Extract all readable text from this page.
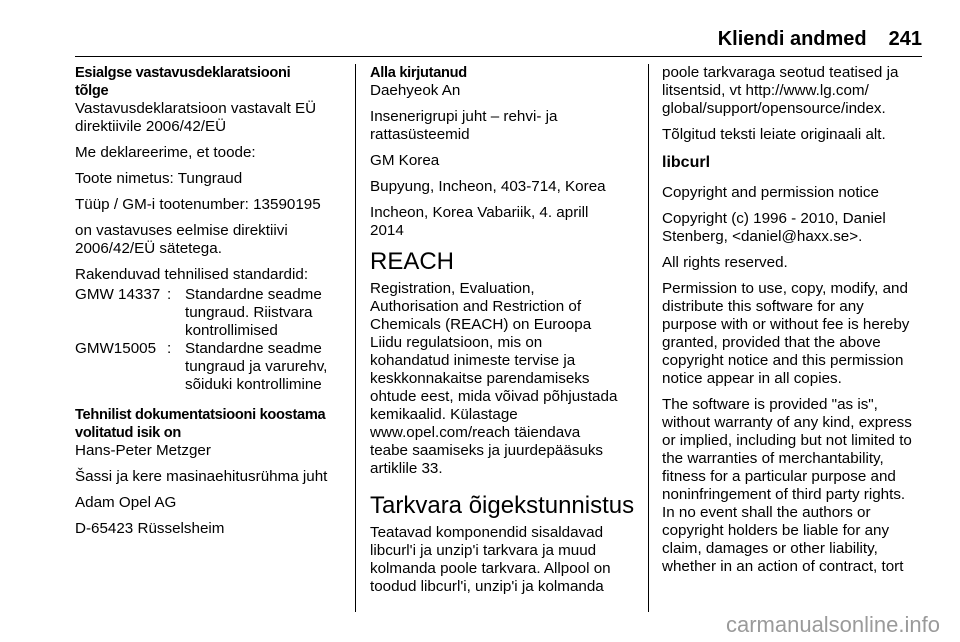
Kliendi andmed 241
Esialgse vastavusdeklaratsiooni
tõlge

Vastavusdeklaratsioon vastavalt EÜ
direktiivile 2006/42/EÜ

Me deklareerime, et toode:

Toote nimetus: Tungraud

Tüüp / GM-i tootenumber: 13590195

on vastavuses eelmise direktiivi
2006/42/EÜ sätetega.

Rakenduvad tehnilised standardid:

GMW 14337	:	Standardne seadme
tungraud. Riistvara
kontrollimised
GMW15005	:	Standardne seadme
tungraud ja varurehv,
sõiduki kontrollimine
Tehnilist dokumentatsiooni koostama
volitatud isik on

Hans-Peter Metzger

Šassi ja kere masinaehitusrühma juht

Adam Opel AG

D-65423 Rüsselsheim

Alla kirjutanud

Daehyeok An

Insenerigrupi juht – rehvi- ja
rattasüsteemid

GM Korea

Bupyung, Incheon, 403-714, Korea

Incheon, Korea Vabariik, 4. aprill
2014

REACH

Registration, Evaluation,
Authorisation and Restriction of
Chemicals (REACH) on Euroopa
Liidu regulatsioon, mis on
kohandatud inimeste tervise ja
keskkonnakaitse parendamiseks
ohtude eest, mida võivad põhjustada
kemikaalid. Külastage
www.opel.com/reach täiendava
teabe saamiseks ja juurdepääsuks
artiklile 33.

Tarkvara õigekstunnistus

Teatavad komponendid sisaldavad
libcurl'i ja unzip'i tarkvara ja muud
kolmanda poole tarkvara. Allpool on
toodud libcurl'i, unzip'i ja kolmanda

poole tarkvaraga seotud teatised ja
litsentsid, vt http://www.lg.com/
global/support/opensource/index.

Tõlgitud teksti leiate originaali alt.

libcurl

Copyright and permission notice

Copyright (c) 1996 - 2010, Daniel
Stenberg, <daniel@haxx.se>.

All rights reserved.

Permission to use, copy, modify, and
distribute this software for any
purpose with or without fee is hereby
granted, provided that the above
copyright notice and this permission
notice appear in all copies.

The software is provided "as is",
without warranty of any kind, express
or implied, including but not limited to
the warranties of merchantability,
fitness for a particular purpose and
noninfringement of third party rights.
In no event shall the authors or
copyright holders be liable for any
claim, damages or other liability,
whether in an action of contract, tort

carmanualsonline.info
